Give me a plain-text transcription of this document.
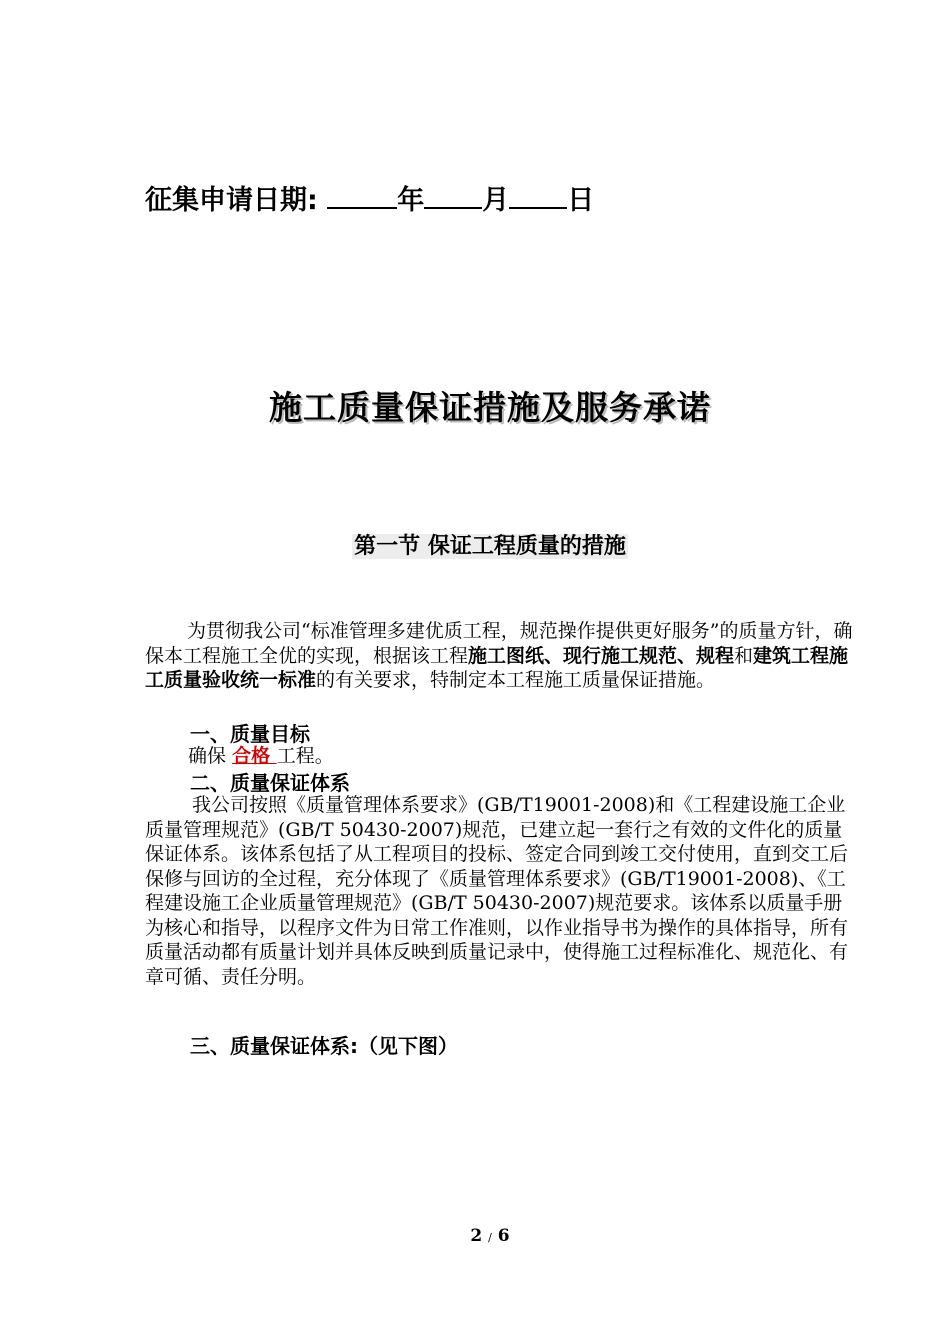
征集申请日期:	年 月 日
施工质量保证措施及服务承诺
第一节 保证工程质量的措施
为贯彻我公司“标准管理多建优质工程，规范操作提供更好服务”的质量方针，确保本工程施工全优的实现，根据该工程施工图纸、现行施工规范、规程和建筑工程施工质量验收统一标准的有关要求，特制定本工程施工质量保证措施。
一、质量目标
确保 合格 工程。
二、质量保证体系
我公司按照《质量管理体系要求》(GB/T19001-2008)和《工程建设施工企业质量管理规范》(GB/T 50430-2007)规范，已建立起一套行之有效的文件化的质量保证体系。该体系包括了从工程项目的投标、签定合同到竣工交付使用，直到交工后保修与回访的全过程，充分体现了《质量管理体系要求》(GB/T19001-2008)、《工程建设施工企业质量管理规范》(GB/T 50430-2007)规范要求。该体系以质量手册为核心和指导，以程序文件为日常工作准则，以作业指导书为操作的具体指导，所有质量活动都有质量计划并具体反映到质量记录中，使得施工过程标准化、规范化、有章可循、责任分明。
三、质量保证体系:（见下图）
2 / 6
